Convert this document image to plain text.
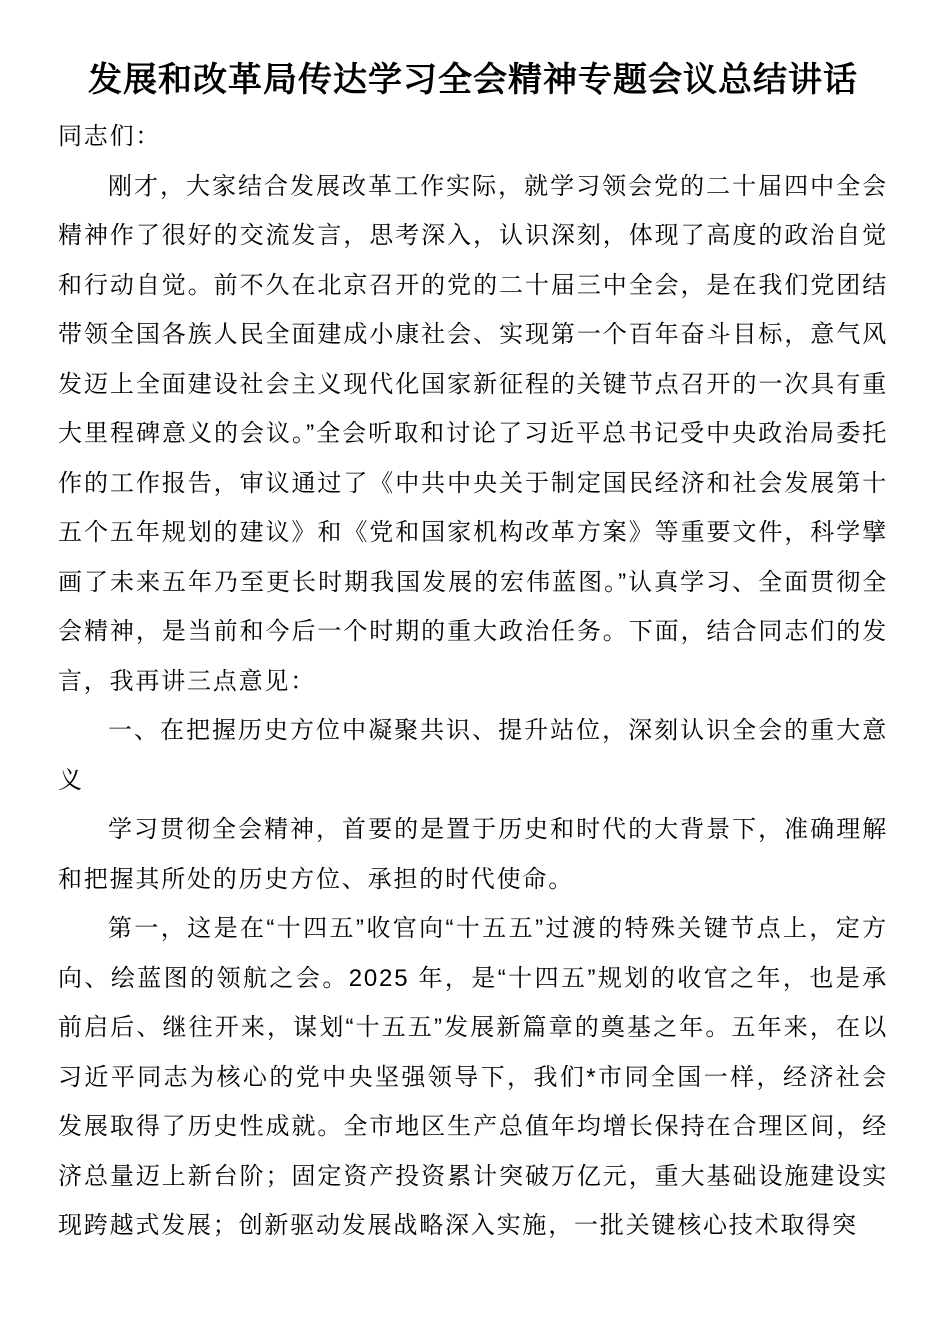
发展和改革局传达学习全会精神专题会议总结讲话

同志们：

刚才，大家结合发展改革工作实际，就学习领会党的二十届四中全会精神作了很好的交流发言，思考深入，认识深刻，体现了高度的政治自觉和行动自觉。前不久在北京召开的党的二十届三中全会，是在我们党团结带领全国各族人民全面建成小康社会、实现第一个百年奋斗目标，意气风发迈上全面建设社会主义现代化国家新征程的关键节点召开的一次具有重大里程碑意义的会议。”全会听取和讨论了习近平总书记受中央政治局委托作的工作报告，审议通过了《中共中央关于制定国民经济和社会发展第十五个五年规划的建议》和《党和国家机构改革方案》等重要文件，科学擘画了未来五年乃至更长时期我国发展的宏伟蓝图。”认真学习、全面贯彻全会精神，是当前和今后一个时期的重大政治任务。下面，结合同志们的发言，我再讲三点意见：

一、在把握历史方位中凝聚共识、提升站位，深刻认识全会的重大意义

学习贯彻全会精神，首要的是置于历史和时代的大背景下，准确理解和把握其所处的历史方位、承担的时代使命。

第一，这是在“十四五”收官向“十五五”过渡的特殊关键节点上，定方向、绘蓝图的领航之会。2025 年，是“十四五”规划的收官之年，也是承前启后、继往开来，谋划“十五五”发展新篇章的奠基之年。五年来，在以习近平同志为核心的党中央坚强领导下，我们*市同全国一样，经济社会发展取得了历史性成就。全市地区生产总值年均增长保持在合理区间，经济总量迈上新台阶；固定资产投资累计突破万亿元，重大基础设施建设实现跨越式发展；创新驱动发展战略深入实施，一批关键核心技术取得突
